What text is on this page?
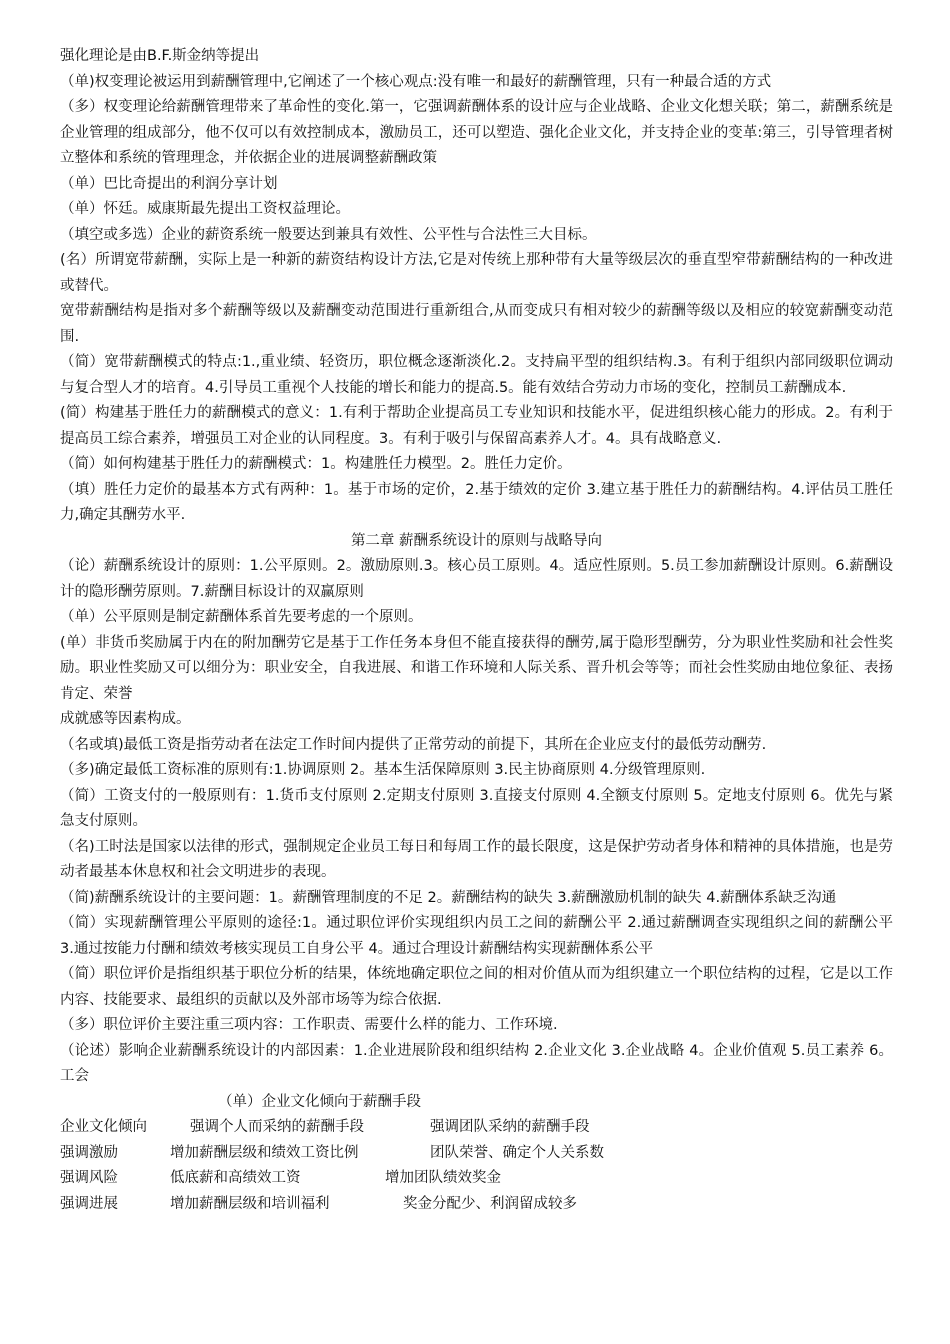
强化理论是由B.F.斯金纳等提出

（单)权变理论被运用到薪酬管理中,它阐述了一个核心观点:没有唯一和最好的薪酬管理，只有一种最合适的方式

（多）权变理论给薪酬管理带来了革命性的变化.第一，它强调薪酬体系的设计应与企业战略、企业文化想关联；第二，薪酬系统是企业管理的组成部分，他不仅可以有效控制成本，激励员工，还可以塑造、强化企业文化，并支持企业的变革:第三，引导管理者树立整体和系统的管理理念，并依据企业的进展调整薪酬政策

（单）巴比奇提出的利润分享计划

（单）怀廷。威康斯最先提出工资权益理论。

（填空或多选）企业的薪资系统一般要达到兼具有效性、公平性与合法性三大目标。

(名）所谓宽带薪酬，实际上是一种新的薪资结构设计方法,它是对传统上那种带有大量等级层次的垂直型窄带薪酬结构的一种改进或替代。

宽带薪酬结构是指对多个薪酬等级以及薪酬变动范围进行重新组合,从而变成只有相对较少的薪酬等级以及相应的较宽薪酬变动范围.

（简）宽带薪酬模式的特点:1.,重业绩、轻资历，职位概念逐渐淡化.2。支持扁平型的组织结构.3。有利于组织内部同级职位调动与复合型人才的培育。4.引导员工重视个人技能的增长和能力的提高.5。能有效结合劳动力市场的变化，控制员工薪酬成本.

(简）构建基于胜任力的薪酬模式的意义：1.有利于帮助企业提高员工专业知识和技能水平，促进组织核心能力的形成。2。有利于提高员工综合素养，增强员工对企业的认同程度。3。有利于吸引与保留高素养人才。4。具有战略意义.

（简）如何构建基于胜任力的薪酬模式：1。构建胜任力模型。2。胜任力定价。

（填）胜任力定价的最基本方式有两种：1。基于市场的定价，2.基于绩效的定价 3.建立基于胜任力的薪酬结构。4.评估员工胜任力,确定其酬劳水平.

第二章 薪酬系统设计的原则与战略导向

（论）薪酬系统设计的原则：1.公平原则。2。激励原则.3。核心员工原则。4。适应性原则。5.员工参加薪酬设计原则。6.薪酬设计的隐形酬劳原则。7.薪酬目标设计的双赢原则

（单）公平原则是制定薪酬体系首先要考虑的一个原则。

(单）非货币奖励属于内在的附加酬劳它是基于工作任务本身但不能直接获得的酬劳,属于隐形型酬劳，分为职业性奖励和社会性奖励。职业性奖励又可以细分为：职业安全，自我进展、和谐工作环境和人际关系、晋升机会等等；而社会性奖励由地位象征、表扬肯定、荣誉

成就感等因素构成。

（名或填)最低工资是指劳动者在法定工作时间内提供了正常劳动的前提下，其所在企业应支付的最低劳动酬劳.

（多)确定最低工资标准的原则有:1.协调原则 2。基本生活保障原则 3.民主协商原则 4.分级管理原则.

（简）工资支付的一般原则有：1.货币支付原则 2.定期支付原则 3.直接支付原则 4.全额支付原则 5。定地支付原则 6。优先与紧急支付原则。

（名)工时法是国家以法律的形式，强制规定企业员工每日和每周工作的最长限度，这是保护劳动者身体和精神的具体措施，也是劳动者最基本休息权和社会文明进步的表现。

（简)薪酬系统设计的主要问题：1。薪酬管理制度的不足 2。薪酬结构的缺失 3.薪酬激励机制的缺失 4.薪酬体系缺乏沟通

（简）实现薪酬管理公平原则的途径:1。通过职位评价实现组织内员工之间的薪酬公平 2.通过薪酬调查实现组织之间的薪酬公平 3.通过按能力付酬和绩效考核实现员工自身公平 4。通过合理设计薪酬结构实现薪酬体系公平

（简）职位评价是指组织基于职位分析的结果，体统地确定职位之间的相对价值从而为组织建立一个职位结构的过程，它是以工作内容、技能要求、最组织的贡献以及外部市场等为综合依据.

（多）职位评价主要注重三项内容：工作职责、需要什么样的能力、工作环境.

（论述）影响企业薪酬系统设计的内部因素：1.企业进展阶段和组织结构 2.企业文化 3.企业战略 4。企业价值观 5.员工素养 6。工会

（单）企业文化倾向于薪酬手段

企业文化倾向	强调个人而采纳的薪酬手段	强调团队采纳的薪酬手段
强调激励	增加薪酬层级和绩效工资比例	团队荣誉、确定个人关系数
强调风险	低底薪和高绩效工资	增加团队绩效奖金
强调进展	增加薪酬层级和培训福利	奖金分配少、利润留成较多
